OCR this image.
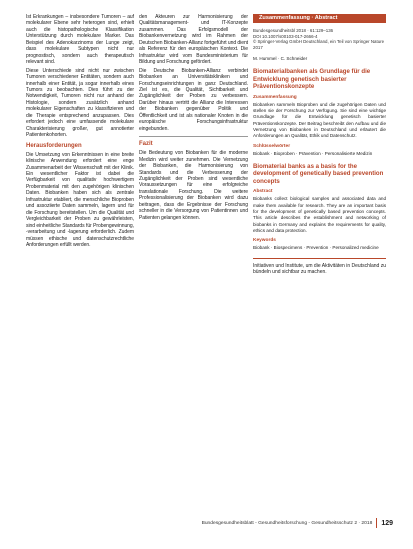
Ist Erkrankungen – insbesondere Tumoren – auf molekularer Ebene sehr heterogen sind, erhielt auch die histopathologische Klassifikation Unterstützung durch molekulare Marker. Das Beispiel des Adenokarzinoms der Lunge zeigt, dass molekulare Subtypen nicht nur prognostisch, sondern auch therapeutisch relevant sind.

Diese Unterschiede sind nicht nur zwischen Tumoren verschiedener Entitäten, sondern auch innerhalb einer Entität, ja sogar innerhalb eines Tumors zu beobachten. Dies führt zu der Notwendigkeit, Tumoren nicht nur anhand der Histologie, sondern zusätzlich anhand molekularer Eigenschaften zu klassifizieren und die Therapie entsprechend anzupassen. Dies erfordert jedoch eine umfassende molekulare Charakterisierung großer, gut annotierter Patientenkohorten.

Herausforderungen

Die Umsetzung von Erkenntnissen in eine breite klinische Anwendung erfordert eine enge Zusammenarbeit der Wissenschaft mit der Klinik. Ein wesentlicher Faktor ist dabei die Verfügbarkeit von qualitativ hochwertigem Probenmaterial mit den zugehörigen klinischen Daten. Biobanken haben sich als zentrale Infrastruktur etabliert, die menschliche Bioproben und assoziierte Daten sammeln, lagern und für die Forschung bereitstellen. Um die Qualität und Vergleichbarkeit der Proben zu gewährleisten, sind einheitliche Standards für Probengewinnung, -verarbeitung und -lagerung erforderlich. Zudem müssen ethische und datenschutzrechtliche Anforderungen erfüllt werden.

den Akteuren zur Harmonisierung der Qualitätsmanagement- und IT-Konzepte zusammen. Das Erfolgsmodell der Biobankenvernetzung wird im Rahmen der Deutschen Biobanken-Allianz fortgeführt und dient als Referenz für den europäischen Kontext. Die Infrastruktur wird vom Bundesministerium für Bildung und Forschung gefördert.

Die Deutsche Biobanken-Allianz verbindet Biobanken an Universitätskliniken und Forschungseinrichtungen in ganz Deutschland. Ziel ist es, die Qualität, Sichtbarkeit und Zugänglichkeit der Proben zu verbessern. Darüber hinaus vertritt die Allianz die Interessen der Biobanken gegenüber Politik und Öffentlichkeit und ist als nationaler Knoten in die europäische Forschungsinfrastruktur eingebunden.

Fazit

Die Bedeutung von Biobanken für die moderne Medizin wird weiter zunehmen. Die Vernetzung der Biobanken, die Harmonisierung von Standards und die Verbesserung der Zugänglichkeit der Proben sind wesentliche Voraussetzungen für eine erfolgreiche translationale Forschung. Die weitere Professionalisierung der Biobanken wird dazu beitragen, dass die Ergebnisse der Forschung schneller in die Versorgung von Patientinnen und Patienten gelangen können.

Zusammenfassung · Abstract

Bundesgesundheitsbl 2018 · 61:129–136
DOI 10.1007/s00103-017-2666-4
© Springer-Verlag GmbH Deutschland, ein Teil von Springer Nature 2017

M. Hummel · C. Schneider

Biomaterialbanken als Grundlage für die Entwicklung genetisch basierter Präventionskonzepte
Zusammenfassung

Biobanken sammeln Bioproben und die zugehörigen Daten und stellen sie der Forschung zur Verfügung. Sie sind eine wichtige Grundlage für die Entwicklung genetisch basierter Präventionskonzepte. Der Beitrag beschreibt den Aufbau und die Vernetzung von Biobanken in Deutschland und erläutert die Anforderungen an Qualität, Ethik und Datenschutz.

Schlüsselwörter

Biobank · Bioproben · Prävention · Personalisierte Medizin

Biomaterial banks as a basis for the development of genetically based prevention concepts
Abstract

Biobanks collect biological samples and associated data and make them available for research. They are an important basis for the development of genetically based prevention concepts. This article describes the establishment and networking of biobanks in Germany and explains the requirements for quality, ethics and data protection.

Keywords

Biobank · Biospecimens · Prevention · Personalized medicine

Initiativen und Institute, um die Aktivitäten in Deutschland zu bündeln und sichtbar zu machen.

Bundesgesundheitsblatt - Gesundheitsforschung - Gesundheitsschutz 2 · 2018	129
